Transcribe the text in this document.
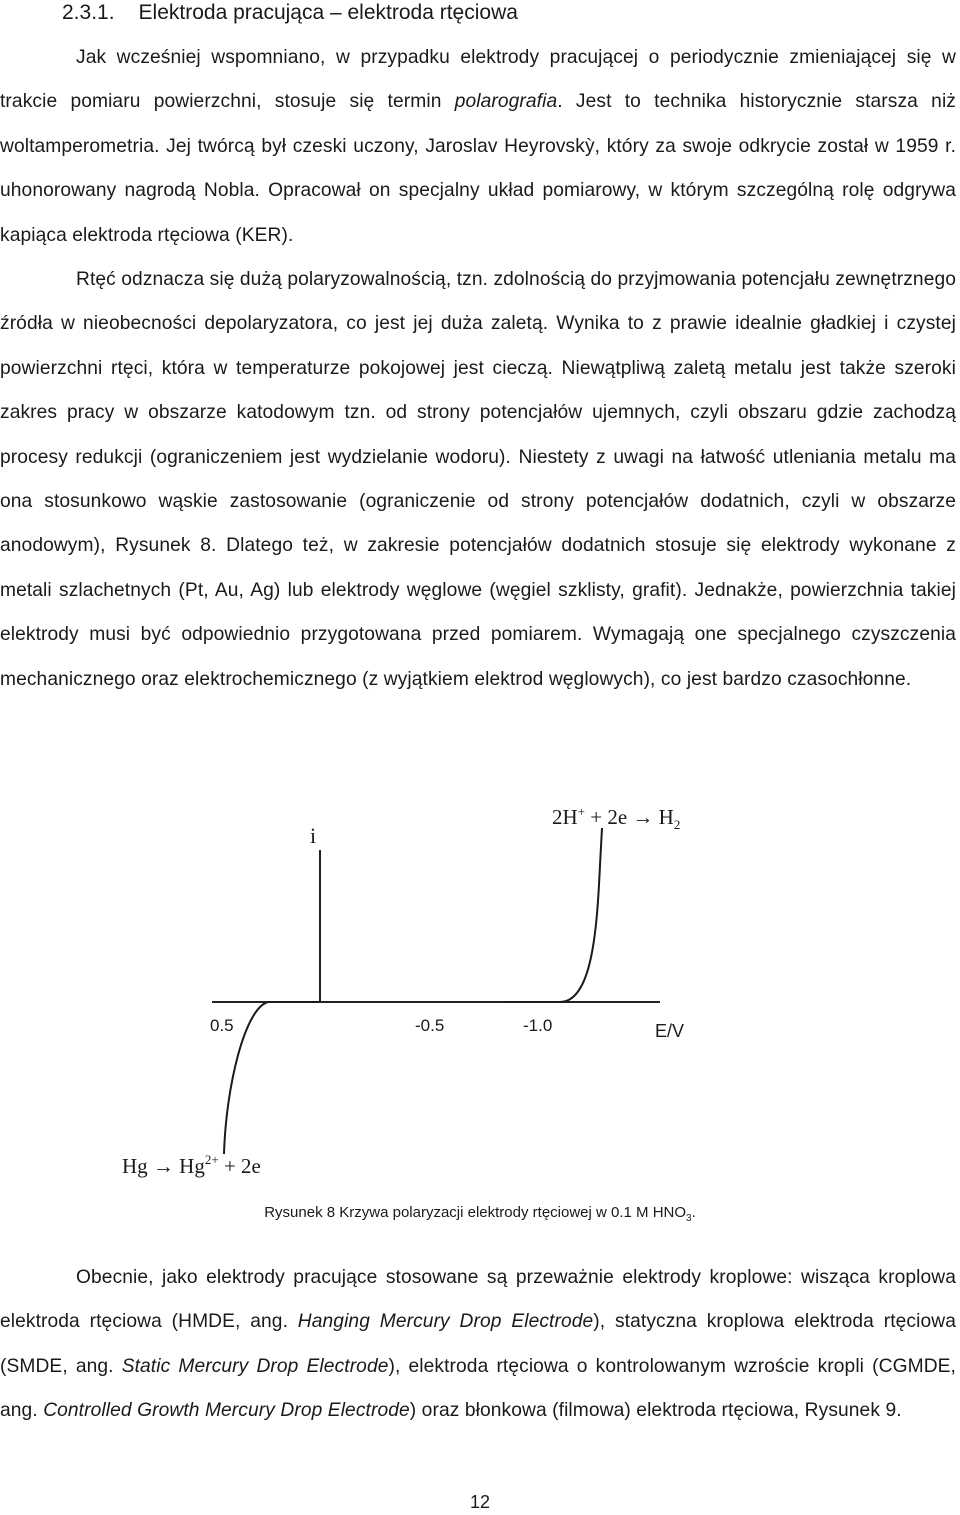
2.3.1. Elektroda pracująca – elektroda rtęciowa

Jak wcześniej wspomniano, w przypadku elektrody pracującej o periodycznie zmieniającej się w trakcie pomiaru powierzchni, stosuje się termin polarografia. Jest to technika historycznie starsza niż woltamperometria. Jej twórcą był czeski uczony, Jaroslav Heyrovskỳ, który za swoje odkrycie został w 1959 r. uhonorowany nagrodą Nobla. Opracował on specjalny układ pomiarowy, w którym szczególną rolę odgrywa kapiąca elektroda rtęciowa (KER).

Rtęć odznacza się dużą polaryzowalnością, tzn. zdolnością do przyjmowania potencjału zewnętrznego źródła w nieobecności depolaryzatora, co jest jej duża zaletą. Wynika to z prawie idealnie gładkiej i czystej powierzchni rtęci, która w temperaturze pokojowej jest cieczą. Niewątpliwą zaletą metalu jest także szeroki zakres pracy w obszarze katodowym tzn. od strony potencjałów ujemnych, czyli obszaru gdzie zachodzą procesy redukcji (ograniczeniem jest wydzielanie wodoru). Niestety z uwagi na łatwość utleniania metalu ma ona stosunkowo wąskie zastosowanie (ograniczenie od strony potencjałów dodatnich, czyli w obszarze anodowym), Rysunek 8. Dlatego też, w zakresie potencjałów dodatnich stosuje się elektrody wykonane z metali szlachetnych (Pt, Au, Ag) lub elektrody węglowe (węgiel szklisty, grafit). Jednakże, powierzchnia takiej elektrody musi być odpowiednio przygotowana przed pomiarem. Wymagają one specjalnego czyszczenia mechanicznego oraz elektrochemicznego (z wyjątkiem elektrod węglowych), co jest bardzo czasochłonne.

i
E/V
0.5	-0.5	-1.0
$2H^+ + 2e \to H_2$
$Hg \to Hg^{2+} + 2e$
Rysunek 8 Krzywa polaryzacji elektrody rtęciowej w 0.1 M $HNO_3$.

Obecnie, jako elektrody pracujące stosowane są przeważnie elektrody kroplowe: wisząca kroplowa elektroda rtęciowa (HMDE, ang. Hanging Mercury Drop Electrode), statyczna kroplowa elektroda rtęciowa (SMDE, ang. Static Mercury Drop Electrode), elektroda rtęciowa o kontrolowanym wzroście kropli (CGMDE, ang. Controlled Growth Mercury Drop Electrode) oraz błonkowa (filmowa) elektroda rtęciowa, Rysunek 9.

12
